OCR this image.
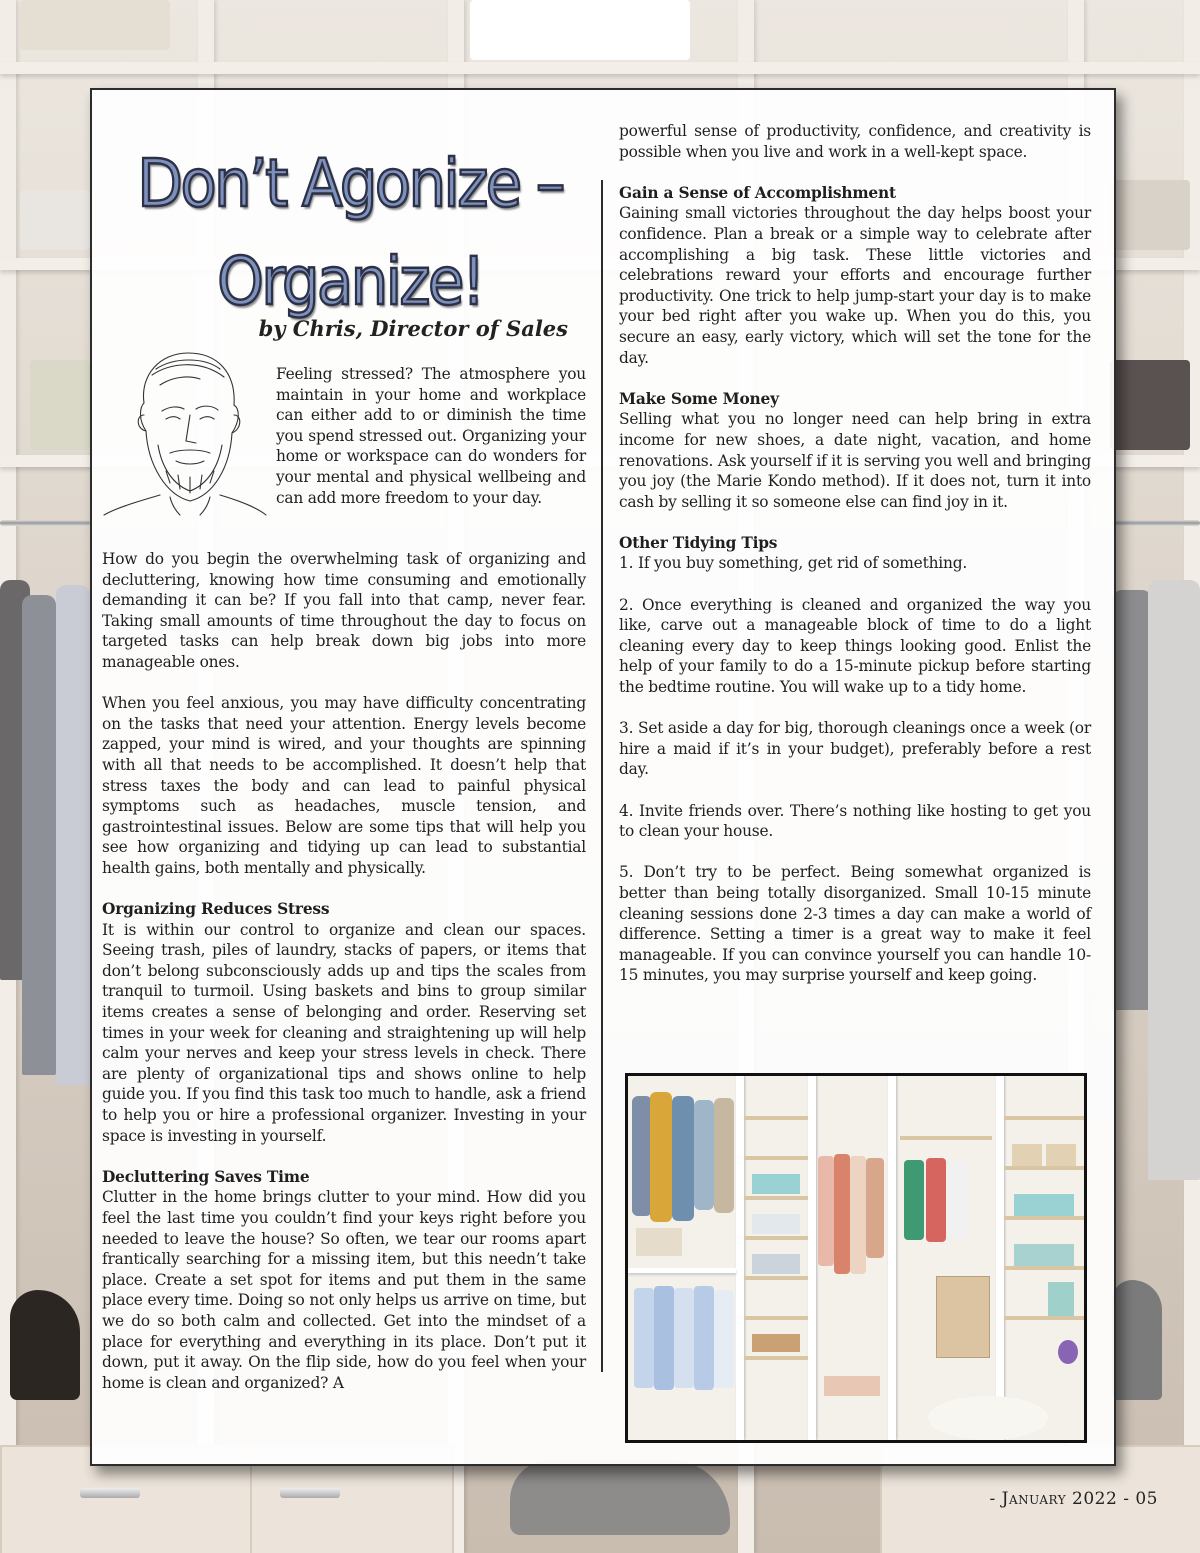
Don’t Agonize –
Organize!
by Chris, Director of Sales
Feeling stressed? The atmosphere you maintain in your home and workplace can either add to or diminish the time you spend stressed out. Organizing your home or workspace can do wonders for your mental and physical wellbeing and can add more freedom to your day.

How do you begin the overwhelming task of organizing and decluttering, knowing how time consuming and emotionally demanding it can be? If you fall into that camp, never fear. Taking small amounts of time throughout the day to focus on targeted tasks can help break down big jobs into more manageable ones.

When you feel anxious, you may have difficulty concentrating on the tasks that need your attention. Energy levels become zapped, your mind is wired, and your thoughts are spinning with all that needs to be accomplished. It doesn’t help that stress taxes the body and can lead to painful physical symptoms such as headaches, muscle tension, and gastrointestinal issues. Below are some tips that will help you see how organizing and tidying up can lead to substantial health gains, both mentally and physically.

Organizing Reduces Stress

It is within our control to organize and clean our spaces. Seeing trash, piles of laundry, stacks of papers, or items that don’t belong subconsciously adds up and tips the scales from tranquil to turmoil. Using baskets and bins to group similar items creates a sense of belonging and order. Reserving set times in your week for cleaning and straightening up will help calm your nerves and keep your stress levels in check. There are plenty of organizational tips and shows online to help guide you. If you find this task too much to handle, ask a friend to help you or hire a professional organizer. Investing in your space is investing in yourself.

Decluttering Saves Time

Clutter in the home brings clutter to your mind. How did you feel the last time you couldn’t find your keys right before you needed to leave the house? So often, we tear our rooms apart frantically searching for a missing item, but this needn’t take place. Create a set spot for items and put them in the same place every time. Doing so not only helps us arrive on time, but we do so both calm and collected. Get into the mindset of a place for everything and everything in its place. Don’t put it down, put it away. On the flip side, how do you feel when your home is clean and organized? A

powerful sense of productivity, confidence, and creativity is possible when you live and work in a well-kept space.

Gain a Sense of Accomplishment

Gaining small victories throughout the day helps boost your confidence. Plan a break or a simple way to celebrate after accomplishing a big task. These little victories and celebrations reward your efforts and encourage further productivity. One trick to help jump-start your day is to make your bed right after you wake up. When you do this, you secure an easy, early victory, which will set the tone for the day.

Make Some Money

Selling what you no longer need can help bring in extra income for new shoes, a date night, vacation, and home renovations. Ask yourself if it is serving you well and bringing you joy (the Marie Kondo method). If it does not, turn it into cash by selling it so someone else can find joy in it.

Other Tidying Tips

1. If you buy something, get rid of something.

2. Once everything is cleaned and organized the way you like, carve out a manageable block of time to do a light cleaning every day to keep things looking good. Enlist the help of your family to do a 15-minute pickup before starting the bedtime routine. You will wake up to a tidy home.

3. Set aside a day for big, thorough cleanings once a week (or hire a maid if it’s in your budget), preferably before a rest day.

4. Invite friends over. There’s nothing like hosting to get you to clean your house.

5. Don’t try to be perfect. Being somewhat organized is better than being totally disorganized. Small 10-15 minute cleaning sessions done 2-3 times a day can make a world of difference. Setting a timer is a great way to make it feel manageable. If you can convince yourself you can handle 10-15 minutes, you may surprise yourself and keep going.

- January 2022 - 05
